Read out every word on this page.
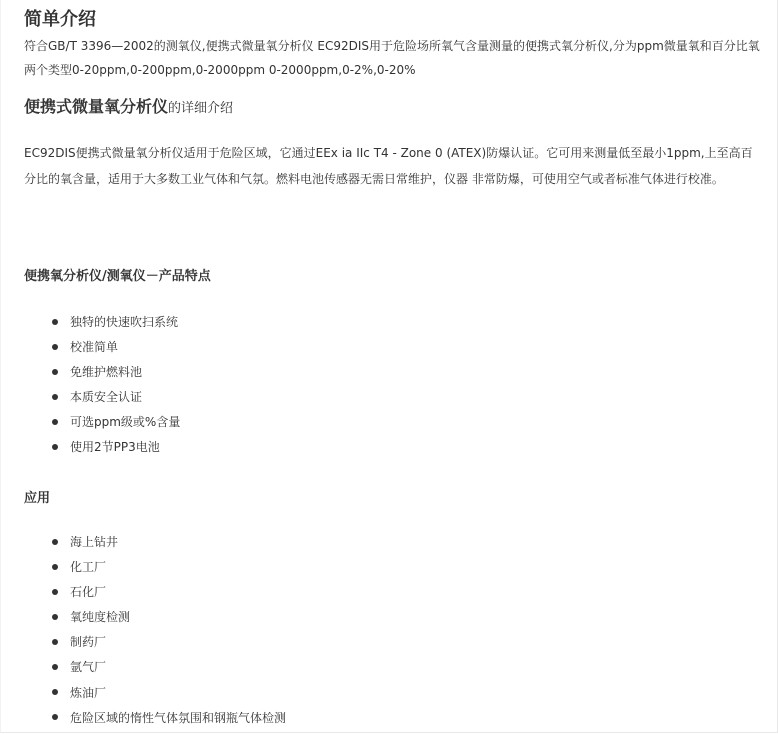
简单介绍
符合GB/T 3396—2002的测氧仪,便携式微量氧分析仪 EC92DIS用于危险场所氧气含量测量的便携式氧分析仪,分为ppm微量氧和百分比氧两个类型0-20ppm,0-200ppm,0-2000ppm 0-2000ppm,0-2%,0-20%
便携式微量氧分析仪的详细介绍
EC92DIS便携式微量氧分析仪适用于危险区域，它通过EEx ia IIc T4 - Zone 0 (ATEX)防爆认证。它可用来测量低至最小1ppm,上至高百分比的氧含量，适用于大多数工业气体和气氛。燃料电池传感器无需日常维护，仪器 非常防爆，可使用空气或者标准气体进行校准。
便携氧分析仪/测氧仪－产品特点
独特的快速吹扫系统
校准简单
免维护燃料池
本质安全认证
可选ppm级或%含量
使用2节PP3电池
应用
海上钻井
化工厂
石化厂
氧纯度检测
制药厂
氩气厂
炼油厂
危险区域的惰性气体氛围和钢瓶气体检测
